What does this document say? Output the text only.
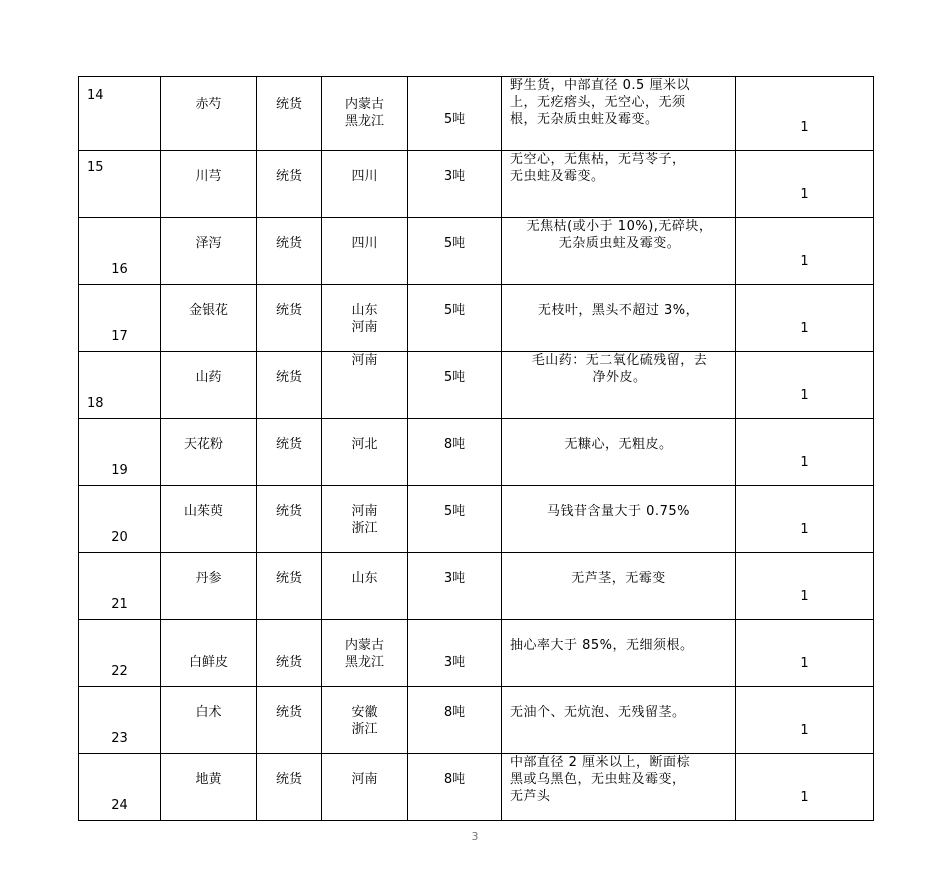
14	赤芍	统货	内蒙古
黑龙江	5吨	野生货，中部直径 0.5 厘米以
上，无疙瘩头，无空心，无须
根，无杂质虫蛀及霉变。	1

15	川芎	统货	四川	3吨	无空心，无焦枯，无芎苓子，
无虫蛀及霉变。	1

16	泽泻	统货	四川	5吨	无焦枯(或小于 10%),无碎块，
无杂质虫蛀及霉变。	1

17	金银花	统货	山东
河南	5吨	无枝叶，黑头不超过 3%，	1

18	山药	统货	河南	5吨	毛山药：无二氧化硫残留，去
净外皮。	1

19	天花粉	统货	河北	8吨	无糠心，无粗皮。	1

20	山茱萸	统货	河南
浙江	5吨	马钱苷含量大于 0.75%	1

21	丹参	统货	山东	3吨	无芦茎，无霉变	1

22	白鲜皮	统货	内蒙古
黑龙江	3吨	抽心率大于 85%，无细须根。	1

23	白术	统货	安徽
浙江	8吨	无油个、无炕泡、无残留茎。	1

24	地黄	统货	河南	8吨	中部直径 2 厘米以上，断面棕
黑或乌黑色，无虫蛀及霉变，
无芦头	1
3
